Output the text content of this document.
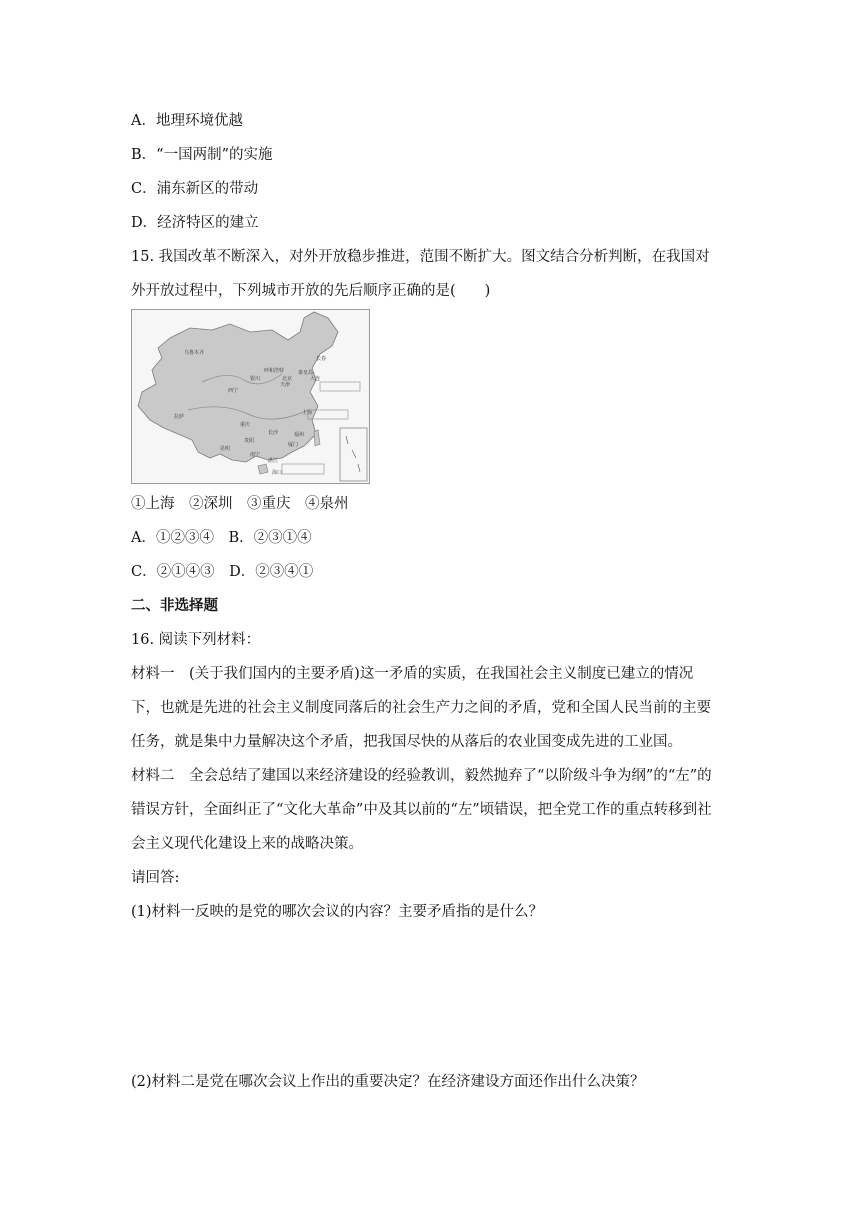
A．地理环境优越
B．“一国两制”的实施
C．浦东新区的带动
D．经济特区的建立
15. 我国改革不断深入，对外开放稳步推进，范围不断扩大。图文结合分析判断，在我国对
外开放过程中，下列城市开放的先后顺序正确的是(　　)
乌鲁木齐
长春
呼和浩特
北京
天津
秦皇岛
大连
银川
西宁
拉萨
重庆
长沙	福州
贵阳
昆明
南宁
湛江
海口
上海
厦门
①上海　②深圳　③重庆　④泉州
A．①②③④　B．②③①④
C．②①④③　D．②③④①
二、非选择题
16. 阅读下列材料：
材料一　(关于我们国内的主要矛盾)这一矛盾的实质，在我国社会主义制度已建立的情况
下，也就是先进的社会主义制度同落后的社会生产力之间的矛盾，党和全国人民当前的主要
任务，就是集中力量解决这个矛盾，把我国尽快的从落后的农业国变成先进的工业国。
材料二　全会总结了建国以来经济建设的经验教训，毅然抛弃了“以阶级斗争为纲”的“左”的
错误方针，全面纠正了“文化大革命”中及其以前的“左”顷错误，把全党工作的重点转移到社
会主义现代化建设上来的战略决策。
请回答:
(1)材料一反映的是党的哪次会议的内容？主要矛盾指的是什么？
(2)材料二是党在哪次会议上作出的重要决定？在经济建设方面还作出什么决策？
